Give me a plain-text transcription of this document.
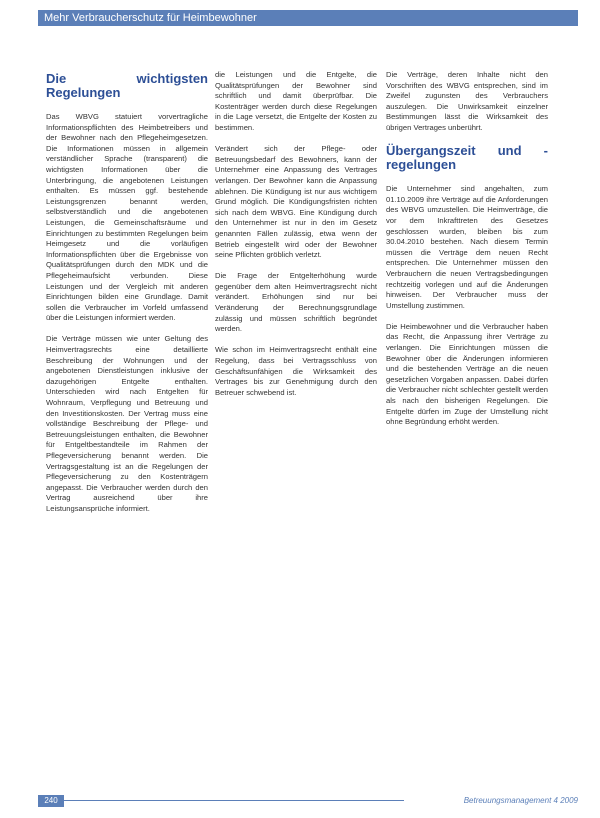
Mehr Verbraucherschutz für Heimbewohner
Die wichtigsten Regelungen

Das WBVG statuiert vorvertragliche Informationspflichten des Heimbetreibers und der Bewohner nach den Pflegeheimgesetzen. Die Informationen müssen in allgemein verständlicher Sprache (transparent) die wichtigsten Informationen über die Unterbringung, die angebotenen Leistungen enthalten. Es müssen ggf. bestehende Leistungsgrenzen benannt werden, selbstverständlich und die angebotenen Leistungen, die Gemeinschaftsräume und Einrichtungen zu bestimmten Regelungen beim Heimgesetz und die vorläufigen Informationspflichten über die Ergebnisse von Qualitätsprüfungen durch den MDK und die Pflegeheimaufsicht verbunden. Diese Leistungen und der Vergleich mit anderen Einrichtungen bilden eine Grundlage. Damit sollen die Verbraucher im Vorfeld umfassend über die Leistungen informiert werden.

Die Verträge müssen wie unter Geltung des Heimvertragsrechts eine detaillierte Beschreibung der Wohnungen und der angebotenen Dienstleistungen inklusive der dazugehörigen Entgelte enthalten. Unterschieden wird nach Entgelten für Wohnraum, Verpflegung und Betreuung und den Investitionskosten. Der Vertrag muss eine vollständige Beschreibung der Pflege- und Betreuungsleistungen enthalten, die Bewohner für Entgeltbestandteile im Rahmen der Pflegeversicherung benannt werden. Die Vertragsgestaltung ist an die Regelungen der Pflegeversicherung zu den Kostenträgern angepasst. Die Verbraucher werden durch den Vertrag ausreichend über ihre Leistungsansprüche informiert.

die Leistungen und die Entgelte, die Qualitätsprüfungen der Bewohner sind schriftlich und damit überprüfbar. Die Kostenträger werden durch diese Regelungen in die Lage versetzt, die Entgelte der Kosten zu bestimmen.

Verändert sich der Pflege- oder Betreuungsbedarf des Bewohners, kann der Unternehmer eine Anpassung des Vertrages verlangen. Der Bewohner kann die Anpassung ablehnen. Die Kündigung ist nur aus wichtigem Grund möglich. Die Kündigungsfristen richten sich nach dem WBVG. Eine Kündigung durch den Unternehmer ist nur in den im Gesetz genannten Fällen zulässig, etwa wenn der Betrieb eingestellt wird oder der Bewohner seine Pflichten gröblich verletzt.

Die Frage der Entgelterhöhung wurde gegenüber dem alten Heimvertragsrecht nicht verändert. Erhöhungen sind nur bei Veränderung der Berechnungsgrundlage zulässig und müssen schriftlich begründet werden.

Wie schon im Heimvertragsrecht enthält eine Regelung, dass bei Vertragsschluss von Geschäftsunfähigen die Wirksamkeit des Vertrages bis zur Genehmigung durch den Betreuer schwebend ist.

Die Verträge, deren Inhalte nicht den Vorschriften des WBVG entsprechen, sind im Zweifel zugunsten des Verbrauchers auszulegen. Die Unwirksamkeit einzelner Bestimmungen lässt die Wirksamkeit des übrigen Vertrages unberührt.

Übergangszeit und -regelungen

Die Unternehmer sind angehalten, zum 01.10.2009 ihre Verträge auf die Anforderungen des WBVG umzustellen. Die Heimverträge, die vor dem Inkrafttreten des Gesetzes geschlossen wurden, bleiben bis zum 30.04.2010 bestehen. Nach diesem Termin müssen die Verträge dem neuen Recht entsprechen. Die Unternehmer müssen den Verbrauchern die neuen Vertragsbedingungen rechtzeitig vorlegen und auf die Änderungen hinweisen. Der Verbraucher muss der Umstellung zustimmen.

Die Heimbewohner und die Verbraucher haben das Recht, die Anpassung ihrer Verträge zu verlangen. Die Einrichtungen müssen die Bewohner über die Änderungen informieren und die bestehenden Verträge an die neuen gesetzlichen Vorgaben anpassen. Dabei dürfen die Verbraucher nicht schlechter gestellt werden als nach den bisherigen Regelungen. Die Entgelte dürfen im Zuge der Umstellung nicht ohne Begründung erhöht werden.

240	Betreuungsmanagement 4 2009
